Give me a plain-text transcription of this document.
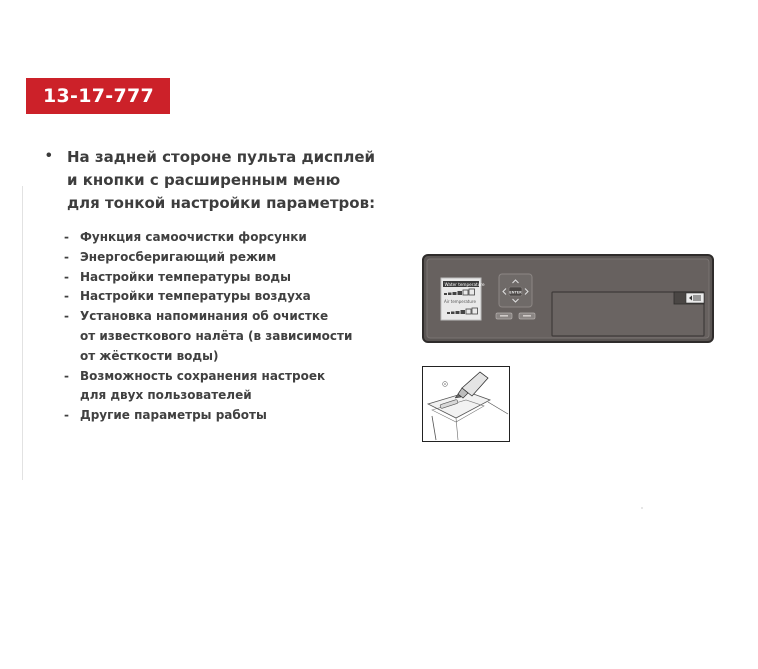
13-17-777
• На задней стороне пульта дисплей
и кнопки с расширенным меню
для тонкой настройки параметров:
- Функция самоочистки форсунки
- Энергосберигающий режим
- Настройки температуры воды
- Настройки температуры воздуха
- Установка напоминания об очистке
от известкового налёта (в зависимости
от жёсткости воды)
- Возможность сохранения настроек
для двух пользователей
- Другие параметры работы
Water temperature
Air temperature
ENTER
